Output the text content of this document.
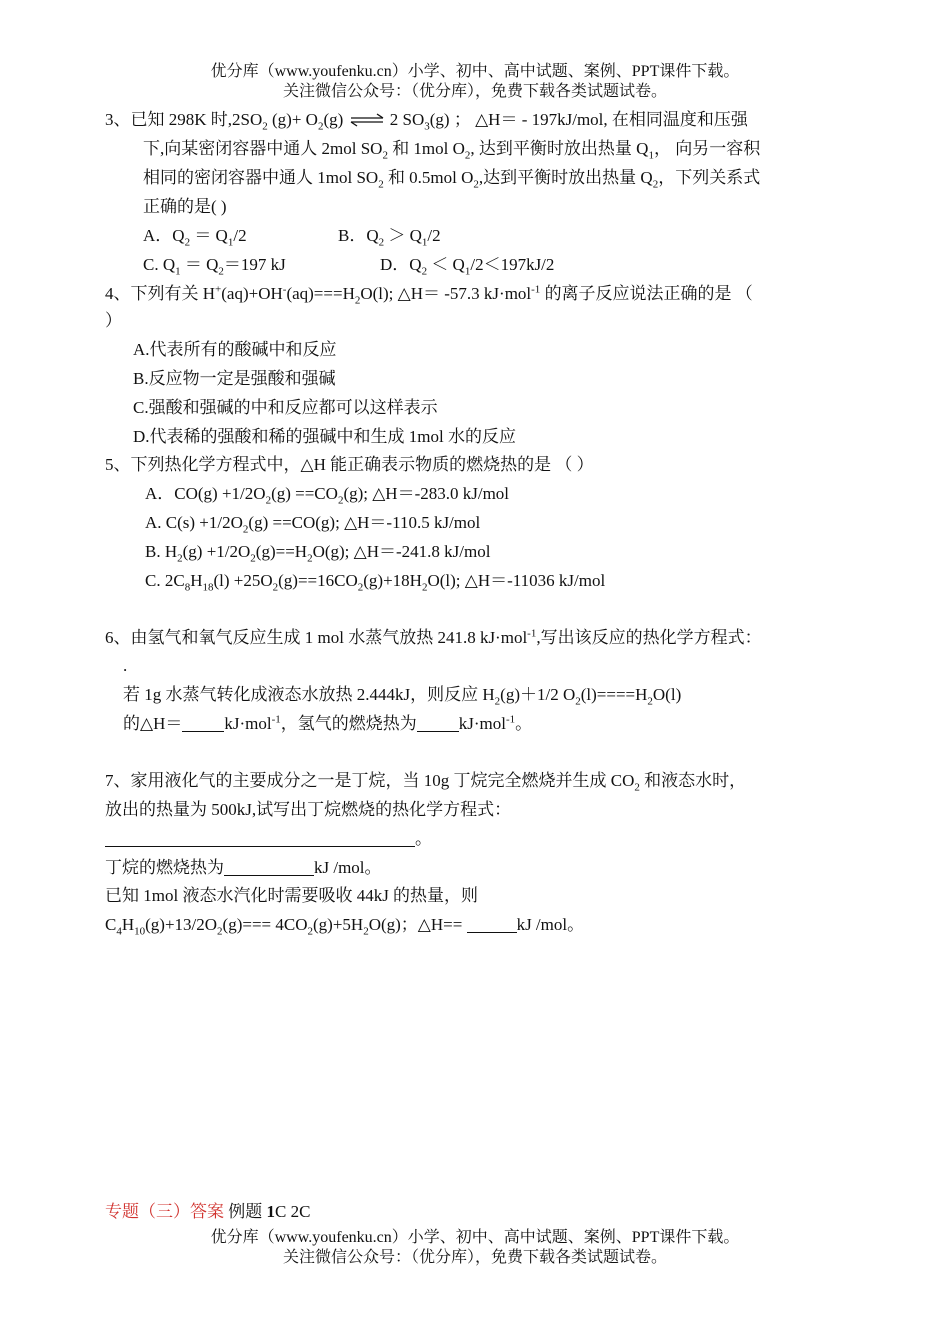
优分库（www.youfenku.cn）小学、初中、高中试题、案例、PPT课件下载。
关注微信公众号：（优分库），免费下载各类试题试卷。
3、已知 298K 时$,2SO_2$ $(g)+ O_2(g)$ ⇌ 2 $SO_3(g)$ ； △H＝ - 197kJ/mol, 在相同温度和压强
下,向某密闭容器中通人 2mol $SO_2$ 和 1mol $O_2$, 达到平衡时放出热量 $Q_1$， 向另一容积
相同的密闭容器中通人 1mol $SO_2$ 和 0.5mol $O_2$,达到平衡时放出热量 $Q_2$，下列关系式
正确的是( )
A．$Q_2 = Q_1/2$	B．$Q_2 > Q_1/2$
C. $Q_1 = Q_2=197$ kJ	D．$Q_2 < Q_1/2<197kJ/2$
4、下列有关 $H^+(aq)+OH^-(aq)===H_2O(l)$; △H＝ -57.3 kJ·mol$^{-1}$ 的离子反应说法正确的是 （
）
A.代表所有的酸碱中和反应
B.反应物一定是强酸和强碱
C.强酸和强碱的中和反应都可以这样表示
D.代表稀的强酸和稀的强碱中和生成 1mol 水的反应
5、下列热化学方程式中，△H 能正确表示物质的燃烧热的是 （ ）
A．$CO(g) +1/2O_2(g) ==CO_2(g)$; △H＝-283.0 kJ/mol
A. $C(s) +1/2O_2(g) ==CO(g)$; △H＝-110.5 kJ/mol
B. $H_2(g) +1/2O_2(g)==H_2O(g)$; △H＝-241.8 kJ/mol
C. $2C_8H_{18}(l) +25O_2(g)==16CO_2(g)+18H_2O(l)$; △H＝-11036 kJ/mol
6、由氢气和氧气反应生成 1 mol 水蒸气放热 241.8 kJ·mol$^{-1}$,写出该反应的热化学方程式：
.
若 1g 水蒸气转化成液态水放热 2.444kJ，则反应 $H_2(g)+1/2$ $O_2(l)====H_2O(l)$
的△H＝ kJ·mol$^{-1}$，氢气的燃烧热为 kJ·mol$^{-1}$。
7、家用液化气的主要成分之一是丁烷，当 10g 丁烷完全燃烧并生成 $CO_2$ 和液态水时，
放出的热量为 500kJ,试写出丁烷燃烧的热化学方程式：
。
丁烷的燃烧热为	kJ /mol。
已知 1mol 液态水汽化时需要吸收 44kJ 的热量，则
$C_4H_{10}(g)+13/2O_2(g)=== 4CO_2(g)+5H_2O(g)$；△H==	kJ /mol。
专题（三）答案 例题 1C 2C
优分库（www.youfenku.cn）小学、初中、高中试题、案例、PPT课件下载。
关注微信公众号：（优分库），免费下载各类试题试卷。
